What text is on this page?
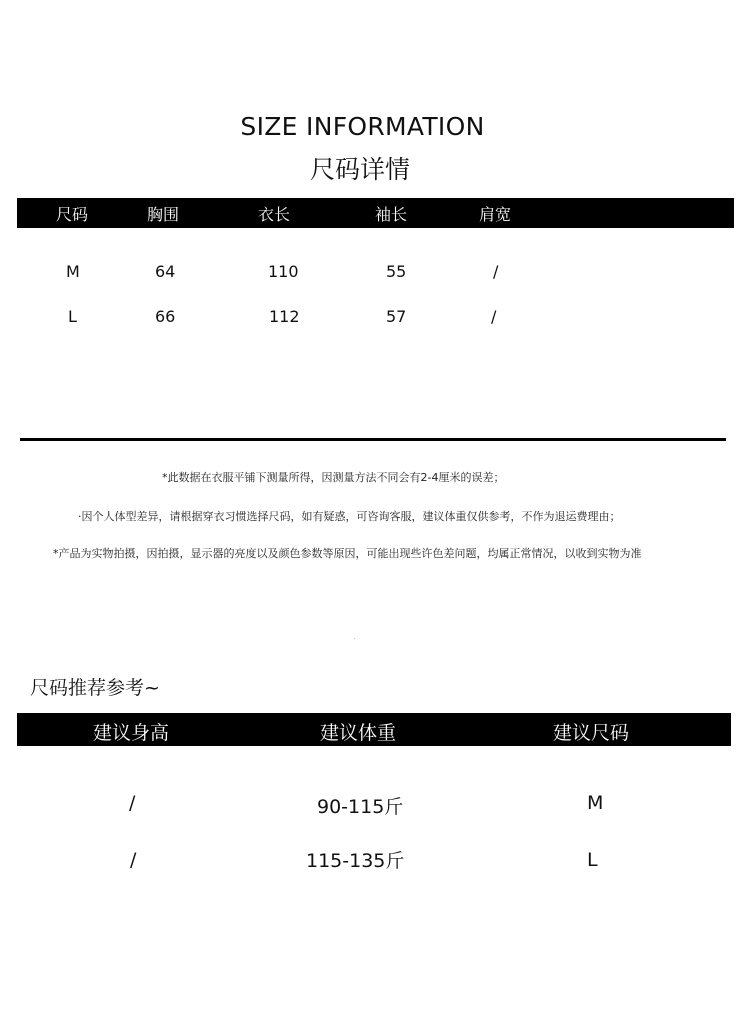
SIZE INFORMATION
尺码详情
尺码	胸围	衣长	袖长	肩宽
M	64	110	55	/
L	66	112	57	/
*此数据在衣服平铺下测量所得，因测量方法不同会有2-4厘米的误差；
·因个人体型差异，请根据穿衣习惯选择尺码，如有疑惑，可咨询客服，建议体重仅供参考，不作为退运费理由；
*产品为实物拍摄，因拍摄，显示器的亮度以及颜色参数等原因，可能出现些许色差问题，均属正常情况，以收到实物为准
尺码推荐参考~
建议身高	建议体重	建议尺码
/	90-115斤	M
/	115-135斤	L
